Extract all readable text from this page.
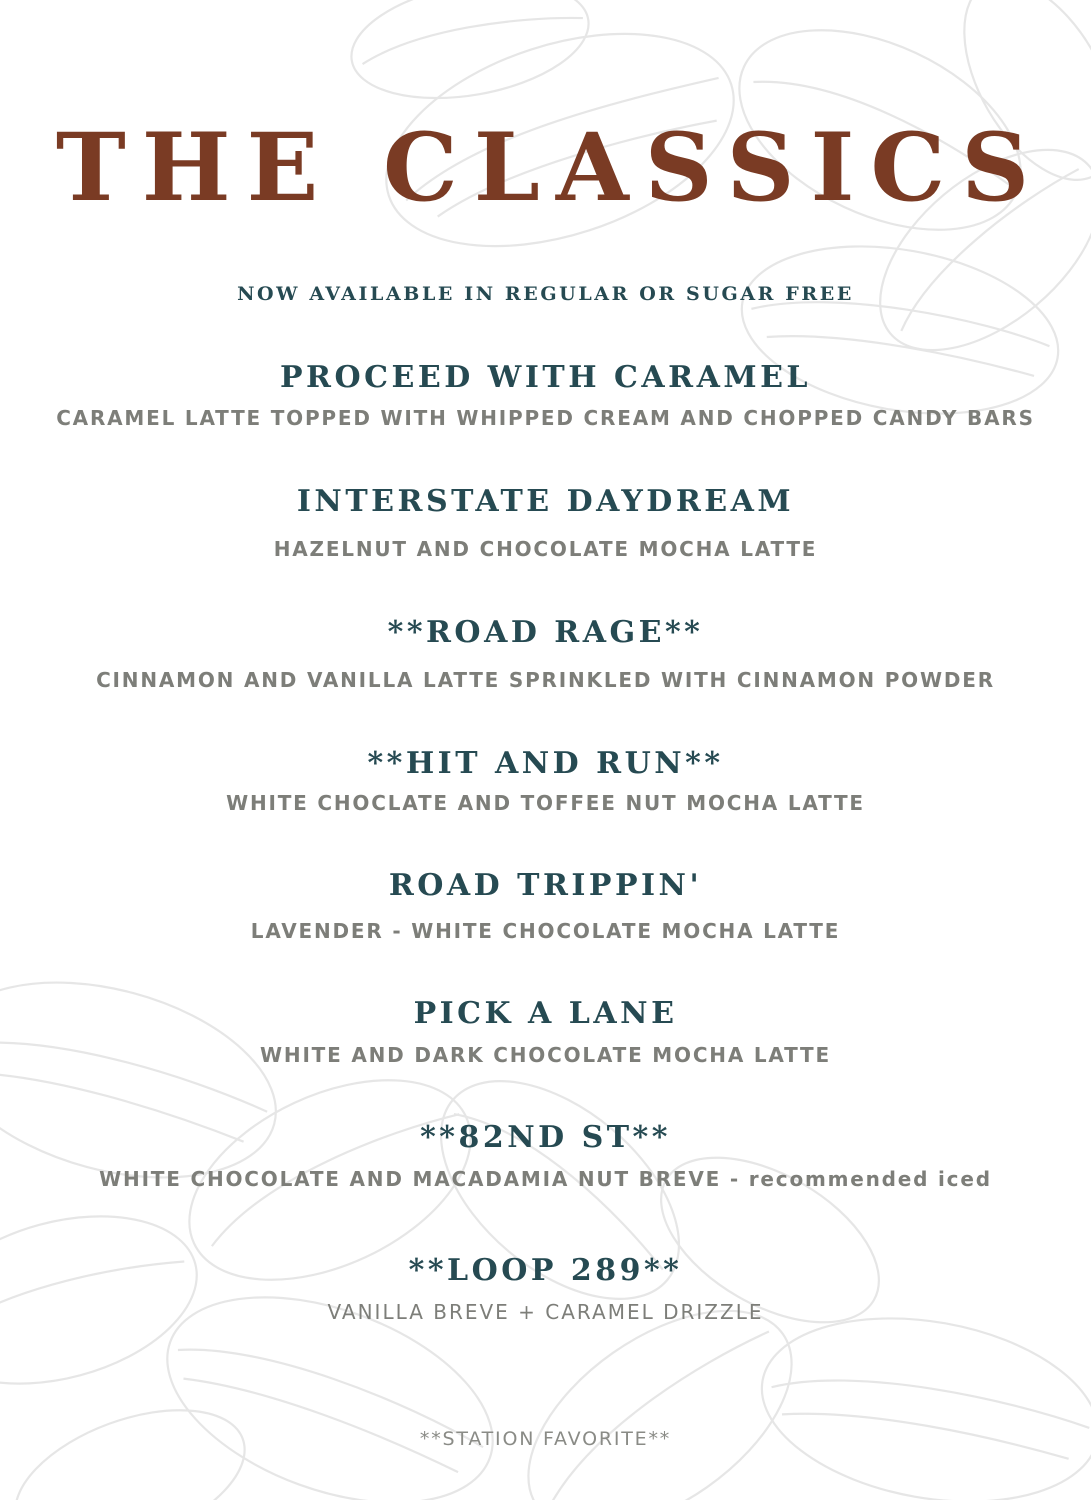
THE CLASSICS
NOW AVAILABLE IN REGULAR OR SUGAR FREE
PROCEED WITH CARAMEL
CARAMEL LATTE TOPPED WITH WHIPPED CREAM AND CHOPPED CANDY BARS
INTERSTATE DAYDREAM
HAZELNUT AND CHOCOLATE MOCHA LATTE
**ROAD RAGE**
CINNAMON AND VANILLA LATTE SPRINKLED WITH CINNAMON POWDER
**HIT AND RUN**
WHITE CHOCLATE AND TOFFEE NUT MOCHA LATTE
ROAD TRIPPIN'
LAVENDER - WHITE CHOCOLATE MOCHA LATTE
PICK A LANE
WHITE AND DARK CHOCOLATE MOCHA LATTE
**82ND ST**
WHITE CHOCOLATE AND MACADAMIA NUT BREVE - recommended iced
**LOOP 289**
VANILLA BREVE + CARAMEL DRIZZLE
**STATION FAVORITE**
